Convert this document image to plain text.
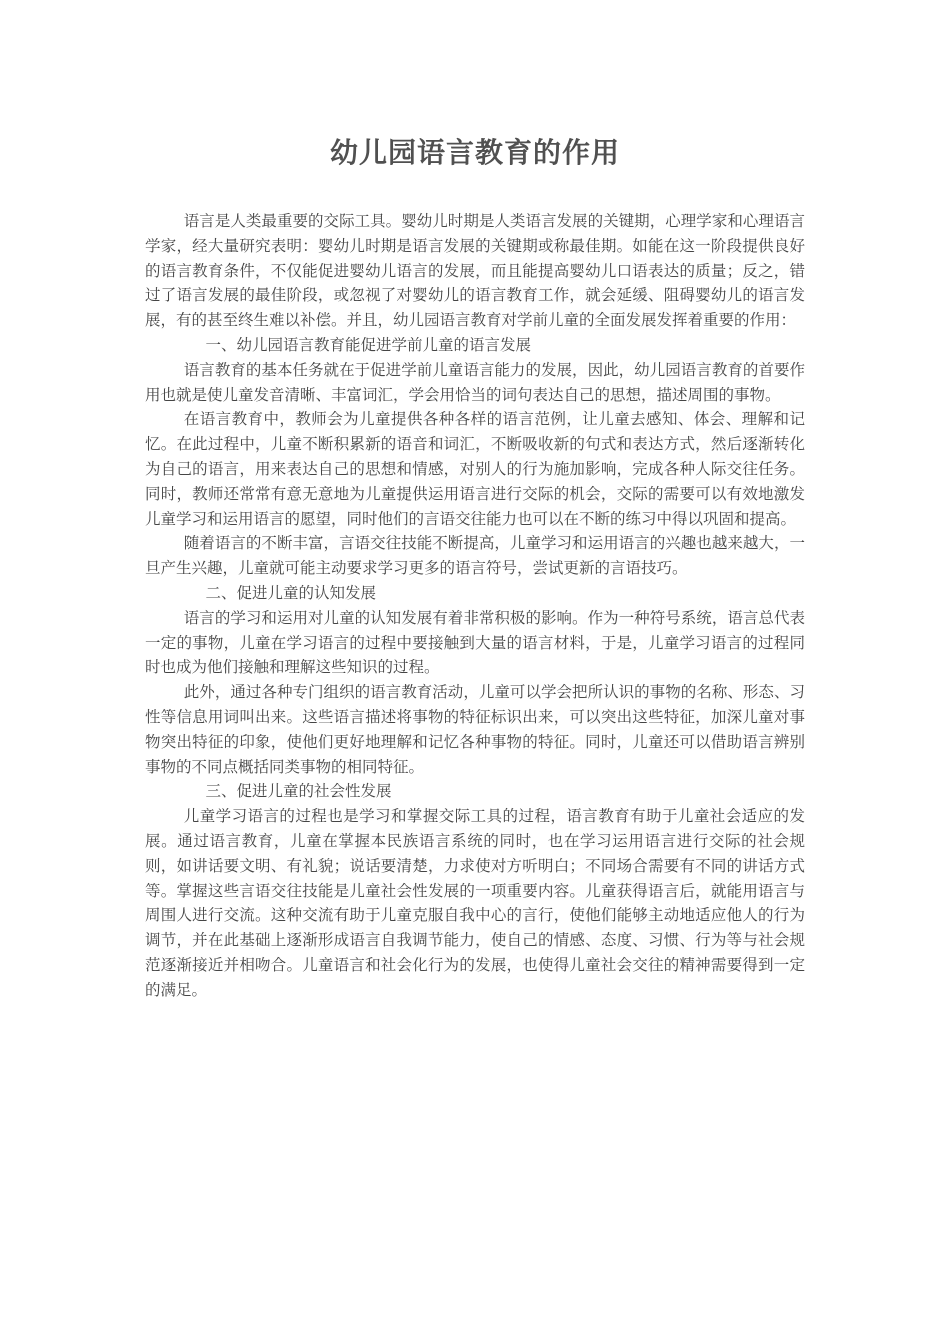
幼儿园语言教育的作用

语言是人类最重要的交际工具。婴幼儿时期是人类语言发展的关键期，心理学家和心理语言学家，经大量研究表明：婴幼儿时期是语言发展的关键期或称最佳期。如能在这一阶段提供良好的语言教育条件，不仅能促进婴幼儿语言的发展，而且能提高婴幼儿口语表达的质量；反之，错过了语言发展的最佳阶段，或忽视了对婴幼儿的语言教育工作，就会延缓、阻碍婴幼儿的语言发展，有的甚至终生难以补偿。并且，幼儿园语言教育对学前儿童的全面发展发挥着重要的作用：

一、幼儿园语言教育能促进学前儿童的语言发展

语言教育的基本任务就在于促进学前儿童语言能力的发展，因此，幼儿园语言教育的首要作用也就是使儿童发音清晰、丰富词汇，学会用恰当的词句表达自己的思想，描述周围的事物。

在语言教育中，教师会为儿童提供各种各样的语言范例，让儿童去感知、体会、理解和记忆。在此过程中，儿童不断积累新的语音和词汇，不断吸收新的句式和表达方式，然后逐渐转化为自己的语言，用来表达自己的思想和情感，对别人的行为施加影响，完成各种人际交往任务。同时，教师还常常有意无意地为儿童提供运用语言进行交际的机会，交际的需要可以有效地激发儿童学习和运用语言的愿望，同时他们的言语交往能力也可以在不断的练习中得以巩固和提高。

随着语言的不断丰富，言语交往技能不断提高，儿童学习和运用语言的兴趣也越来越大，一旦产生兴趣，儿童就可能主动要求学习更多的语言符号，尝试更新的言语技巧。

二、促进儿童的认知发展

语言的学习和运用对儿童的认知发展有着非常积极的影响。作为一种符号系统，语言总代表一定的事物，儿童在学习语言的过程中要接触到大量的语言材料，于是，儿童学习语言的过程同时也成为他们接触和理解这些知识的过程。

此外，通过各种专门组织的语言教育活动，儿童可以学会把所认识的事物的名称、形态、习性等信息用词叫出来。这些语言描述将事物的特征标识出来，可以突出这些特征，加深儿童对事物突出特征的印象，使他们更好地理解和记忆各种事物的特征。同时，儿童还可以借助语言辨别事物的不同点概括同类事物的相同特征。

三、促进儿童的社会性发展

儿童学习语言的过程也是学习和掌握交际工具的过程，语言教育有助于儿童社会适应的发展。通过语言教育，儿童在掌握本民族语言系统的同时，也在学习运用语言进行交际的社会规则，如讲话要文明、有礼貌；说话要清楚，力求使对方听明白；不同场合需要有不同的讲话方式等。掌握这些言语交往技能是儿童社会性发展的一项重要内容。儿童获得语言后，就能用语言与周围人进行交流。这种交流有助于儿童克服自我中心的言行，使他们能够主动地适应他人的行为调节，并在此基础上逐渐形成语言自我调节能力，使自己的情感、态度、习惯、行为等与社会规范逐渐接近并相吻合。儿童语言和社会化行为的发展，也使得儿童社会交往的精神需要得到一定的满足。
